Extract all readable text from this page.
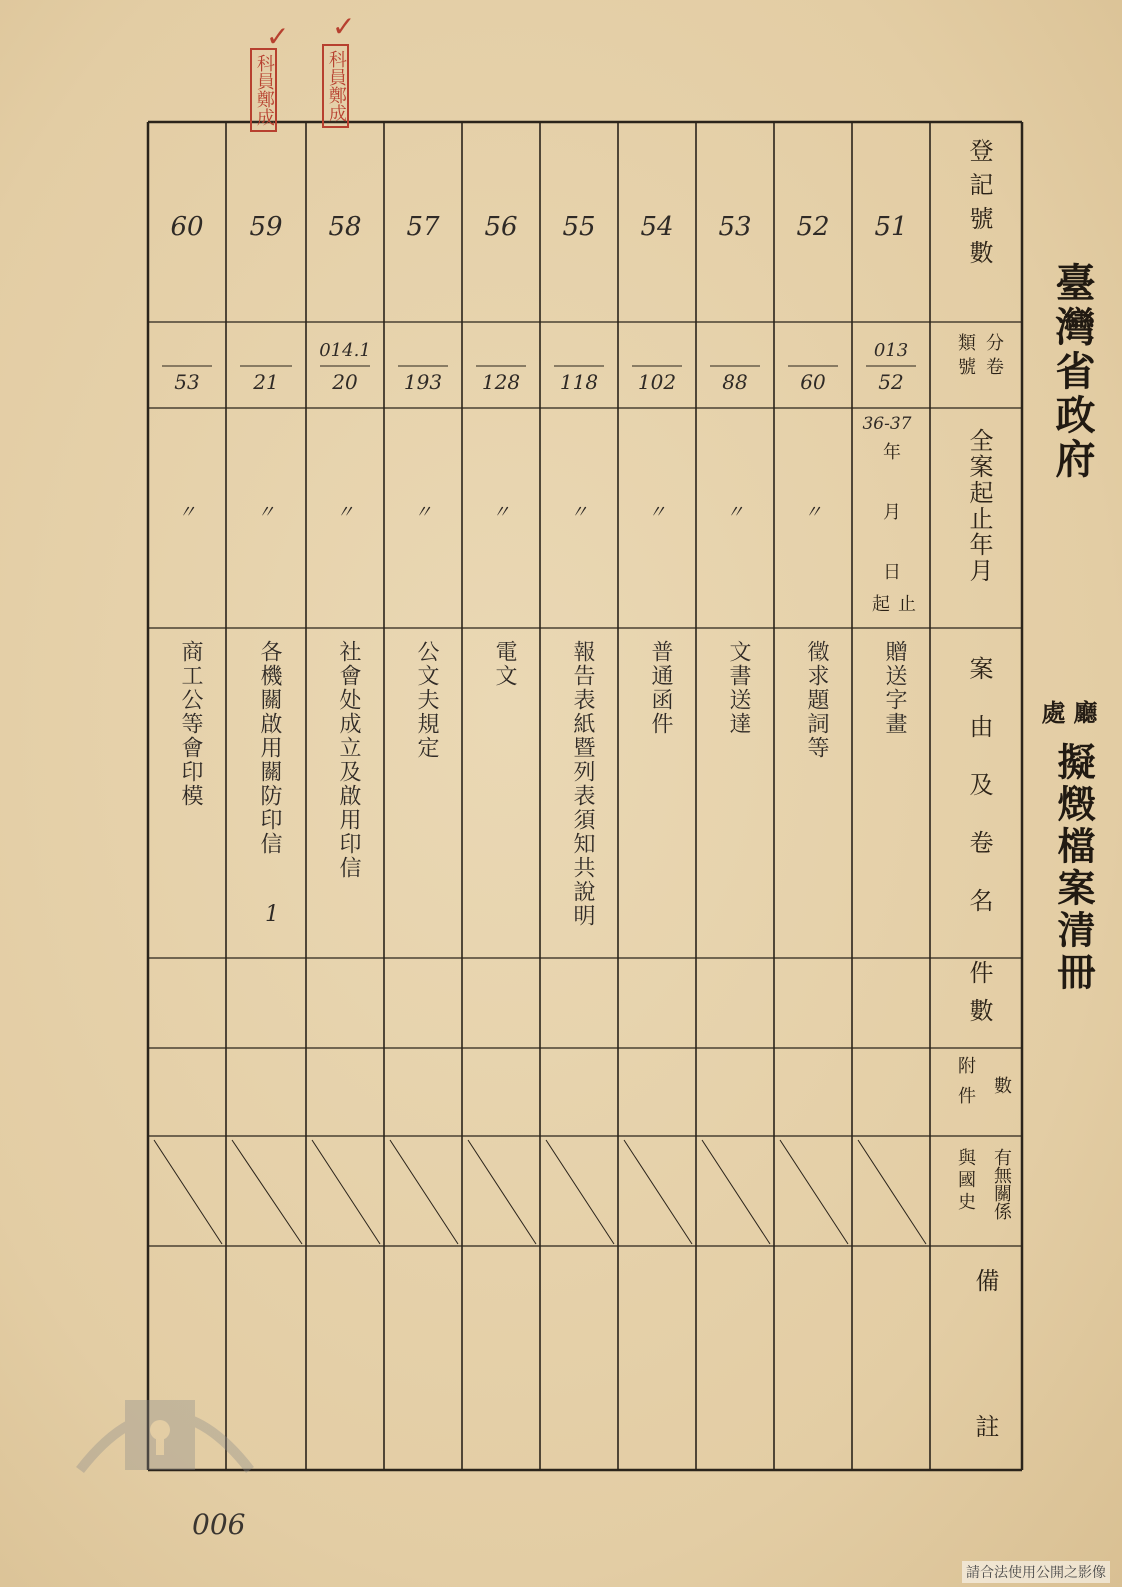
臺灣省政府
廳
處
擬燬檔案清冊
登記號數
分卷
類號
全案起止年月
案由及卷名
件數
附件 數
與國史 有無關係
備
註
36-37
年
月
日
起 止
51
013
52
贈送字畫
52
60
〃
徵求題詞等
53
88
〃
文書送達
54
102
〃
普通函件
55
118
〃
報告表紙暨列表須知共說明
56
128
〃
電文
57
193
〃
公文夫規定
58
014.1
20
〃
社會处成立及啟用印信
59
21
〃
各機關啟用關防印信
60
53
〃
商工公等會印模
1
✓ ✓
科員鄭成	科員鄭成
006
請合法使用公開之影像
